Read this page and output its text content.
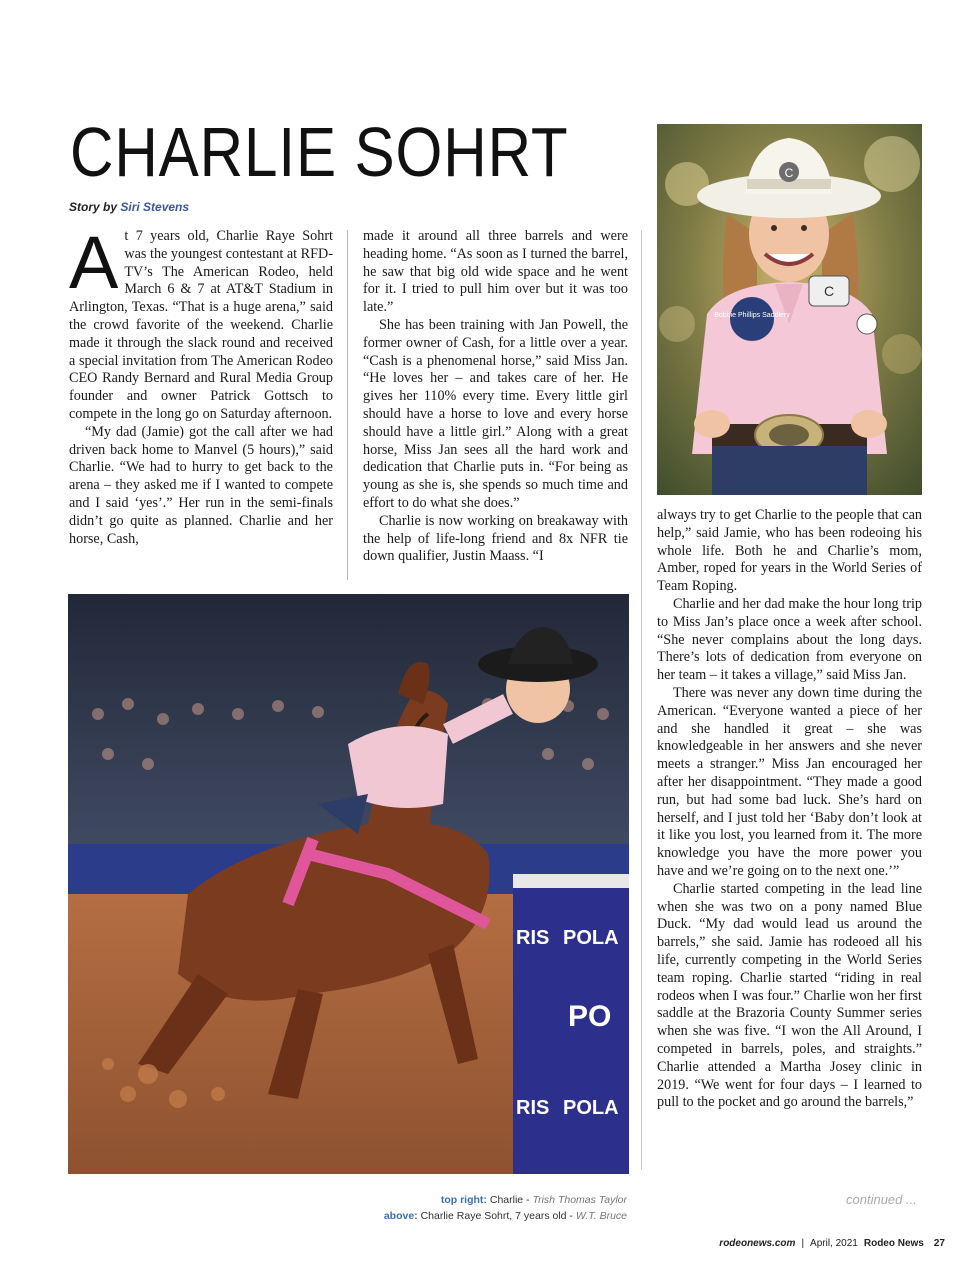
CHARLIE SOHRT
Story by Siri Stevens
A t 7 years old, Charlie Raye Sohrt was the youngest contestant at RFD-TV’s The American Rodeo, held March 6 & 7 at AT&T Stadium in Arlington, Texas. “That is a huge arena,” said the crowd favorite of the weekend. Charlie made it through the slack round and received a special invitation from The American Rodeo CEO Randy Bernard and Rural Media Group founder and owner Patrick Gottsch to compete in the long go on Saturday afternoon.

“My dad (Jamie) got the call after we had driven back home to Manvel (5 hours),” said Charlie. “We had to hurry to get back to the arena – they asked me if I wanted to compete and I said ‘yes’.” Her run in the semi-finals didn’t go quite as planned. Charlie and her horse, Cash,

made it around all three barrels and were heading home. “As soon as I turned the barrel, he saw that big old wide space and he went for it. I tried to pull him over but it was too late.”

She has been training with Jan Powell, the former owner of Cash, for a little over a year. “Cash is a phenomenal horse,” said Miss Jan. “He loves her – and takes care of her. He gives her 110% every time. Every little girl should have a horse to love and every horse should have a little girl.” Along with a great horse, Miss Jan sees all the hard work and dedication that Charlie puts in. “For being as young as she is, she spends so much time and effort to do what she does.”

Charlie is now working on breakaway with the help of life-long friend and 8x NFR tie down qualifier, Justin Maass. “I

C
Bobbie Phillips Saddlery
C
RIS POLA
PO
RIS POLA

always try to get Charlie to the people that can help,” said Jamie, who has been rodeoing his whole life. Both he and Charlie’s mom, Amber, roped for years in the World Series of Team Roping.

Charlie and her dad make the hour long trip to Miss Jan’s place once a week after school. “She never complains about the long days. There’s lots of dedication from everyone on her team – it takes a village,” said Miss Jan.

There was never any down time during the American. “Everyone wanted a piece of her and she handled it great – she was knowledgeable in her answers and she never meets a stranger.” Miss Jan encouraged her after her disappointment. “They made a good run, but had some bad luck. She’s hard on herself, and I just told her ‘Baby don’t look at it like you lost, you learned from it. The more knowledge you have the more power you have and we’re going on to the next one.’”

Charlie started competing in the lead line when she was two on a pony named Blue Duck. “My dad would lead us around the barrels,” she said. Jamie has rodeoed all his life, currently competing in the World Series team roping. Charlie started “riding in real rodeos when I was four.” Charlie won her first saddle at the Brazoria County Summer series when she was five. “I won the All Around, I competed in barrels, poles, and straights.” Charlie attended a Martha Josey clinic in 2019. “We went for four days – I learned to pull to the pocket and go around the barrels,”

top right: Charlie - Trish Thomas Taylor
above: Charlie Raye Sohrt, 7 years old - W.T. Bruce
continued ...
rodeonews.com | April, 2021 Rodeo News 27
